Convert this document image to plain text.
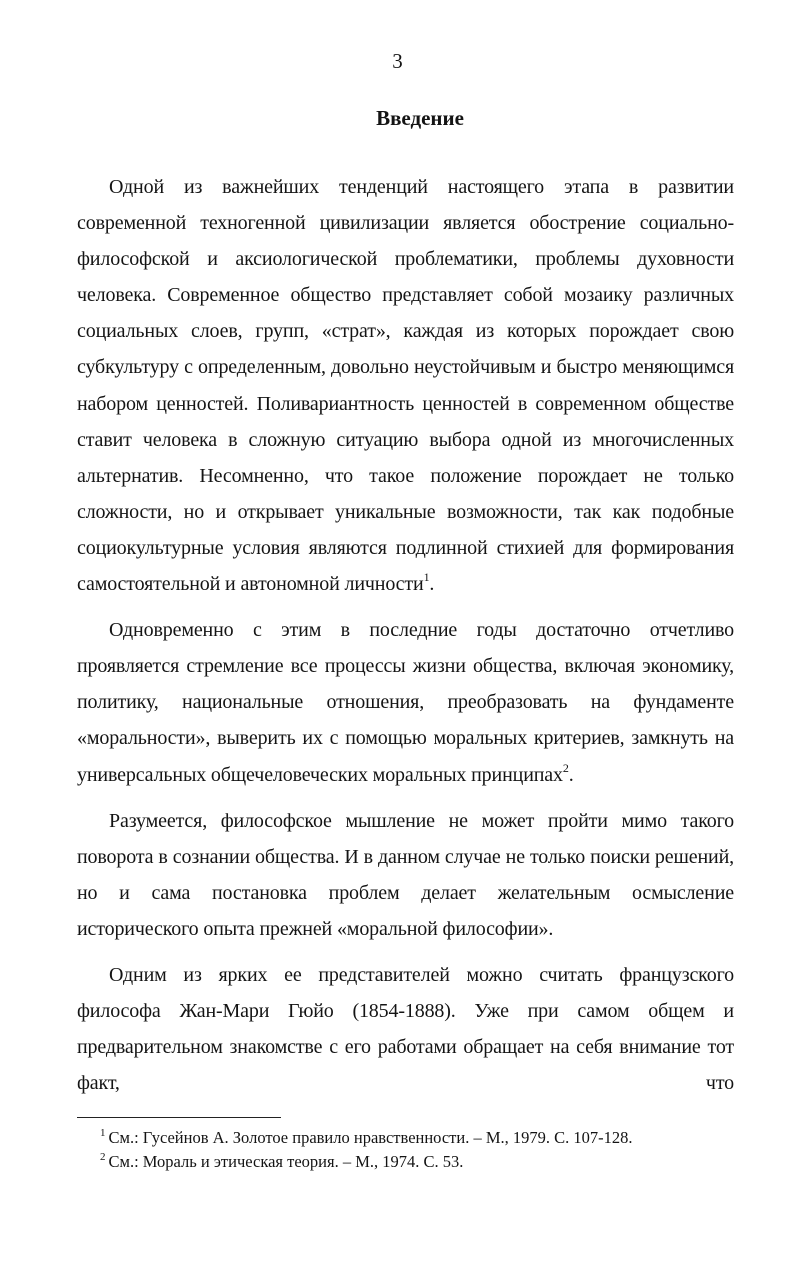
3
Введение

Одной из важнейших тенденций настоящего этапа в развитии современной техногенной цивилизации является обострение социально-философской и аксиологической проблематики, проблемы духовности человека. Современное общество представляет собой мозаику различных социальных слоев, групп, «страт», каждая из которых порождает свою субкультуру с определенным, довольно неустойчивым и быстро меняющимся набором ценностей. Поливариантность ценностей в современном обществе ставит человека в сложную ситуацию выбора одной из многочисленных альтернатив. Несомненно, что такое положение порождает не только сложности, но и открывает уникальные возможности, так как подобные социокультурные условия являются подлинной стихией для формирования самостоятельной и автономной личности$^1$.

Одновременно с этим в последние годы достаточно отчетливо проявляется стремление все процессы жизни общества, включая экономику, политику, национальные отношения, преобразовать на фундаменте «моральности», выверить их с помощью моральных критериев, замкнуть на универсальных общечеловеческих моральных принципах$^2$.

Разумеется, философское мышление не может пройти мимо такого поворота в сознании общества. И в данном случае не только поиски решений, но и сама постановка проблем делает желательным осмысление исторического опыта прежней «моральной философии».

Одним из ярких ее представителей можно считать французского философа Жан-Мари Гюйо (1854-1888). Уже при самом общем и предварительном знакомстве с его работами обращает на себя внимание тот факт, что

$^1$ См.: Гусейнов А. Золотое правило нравственности. – М., 1979. С. 107-128.
$^2$ См.: Мораль и этическая теория. – М., 1974. С. 53.
